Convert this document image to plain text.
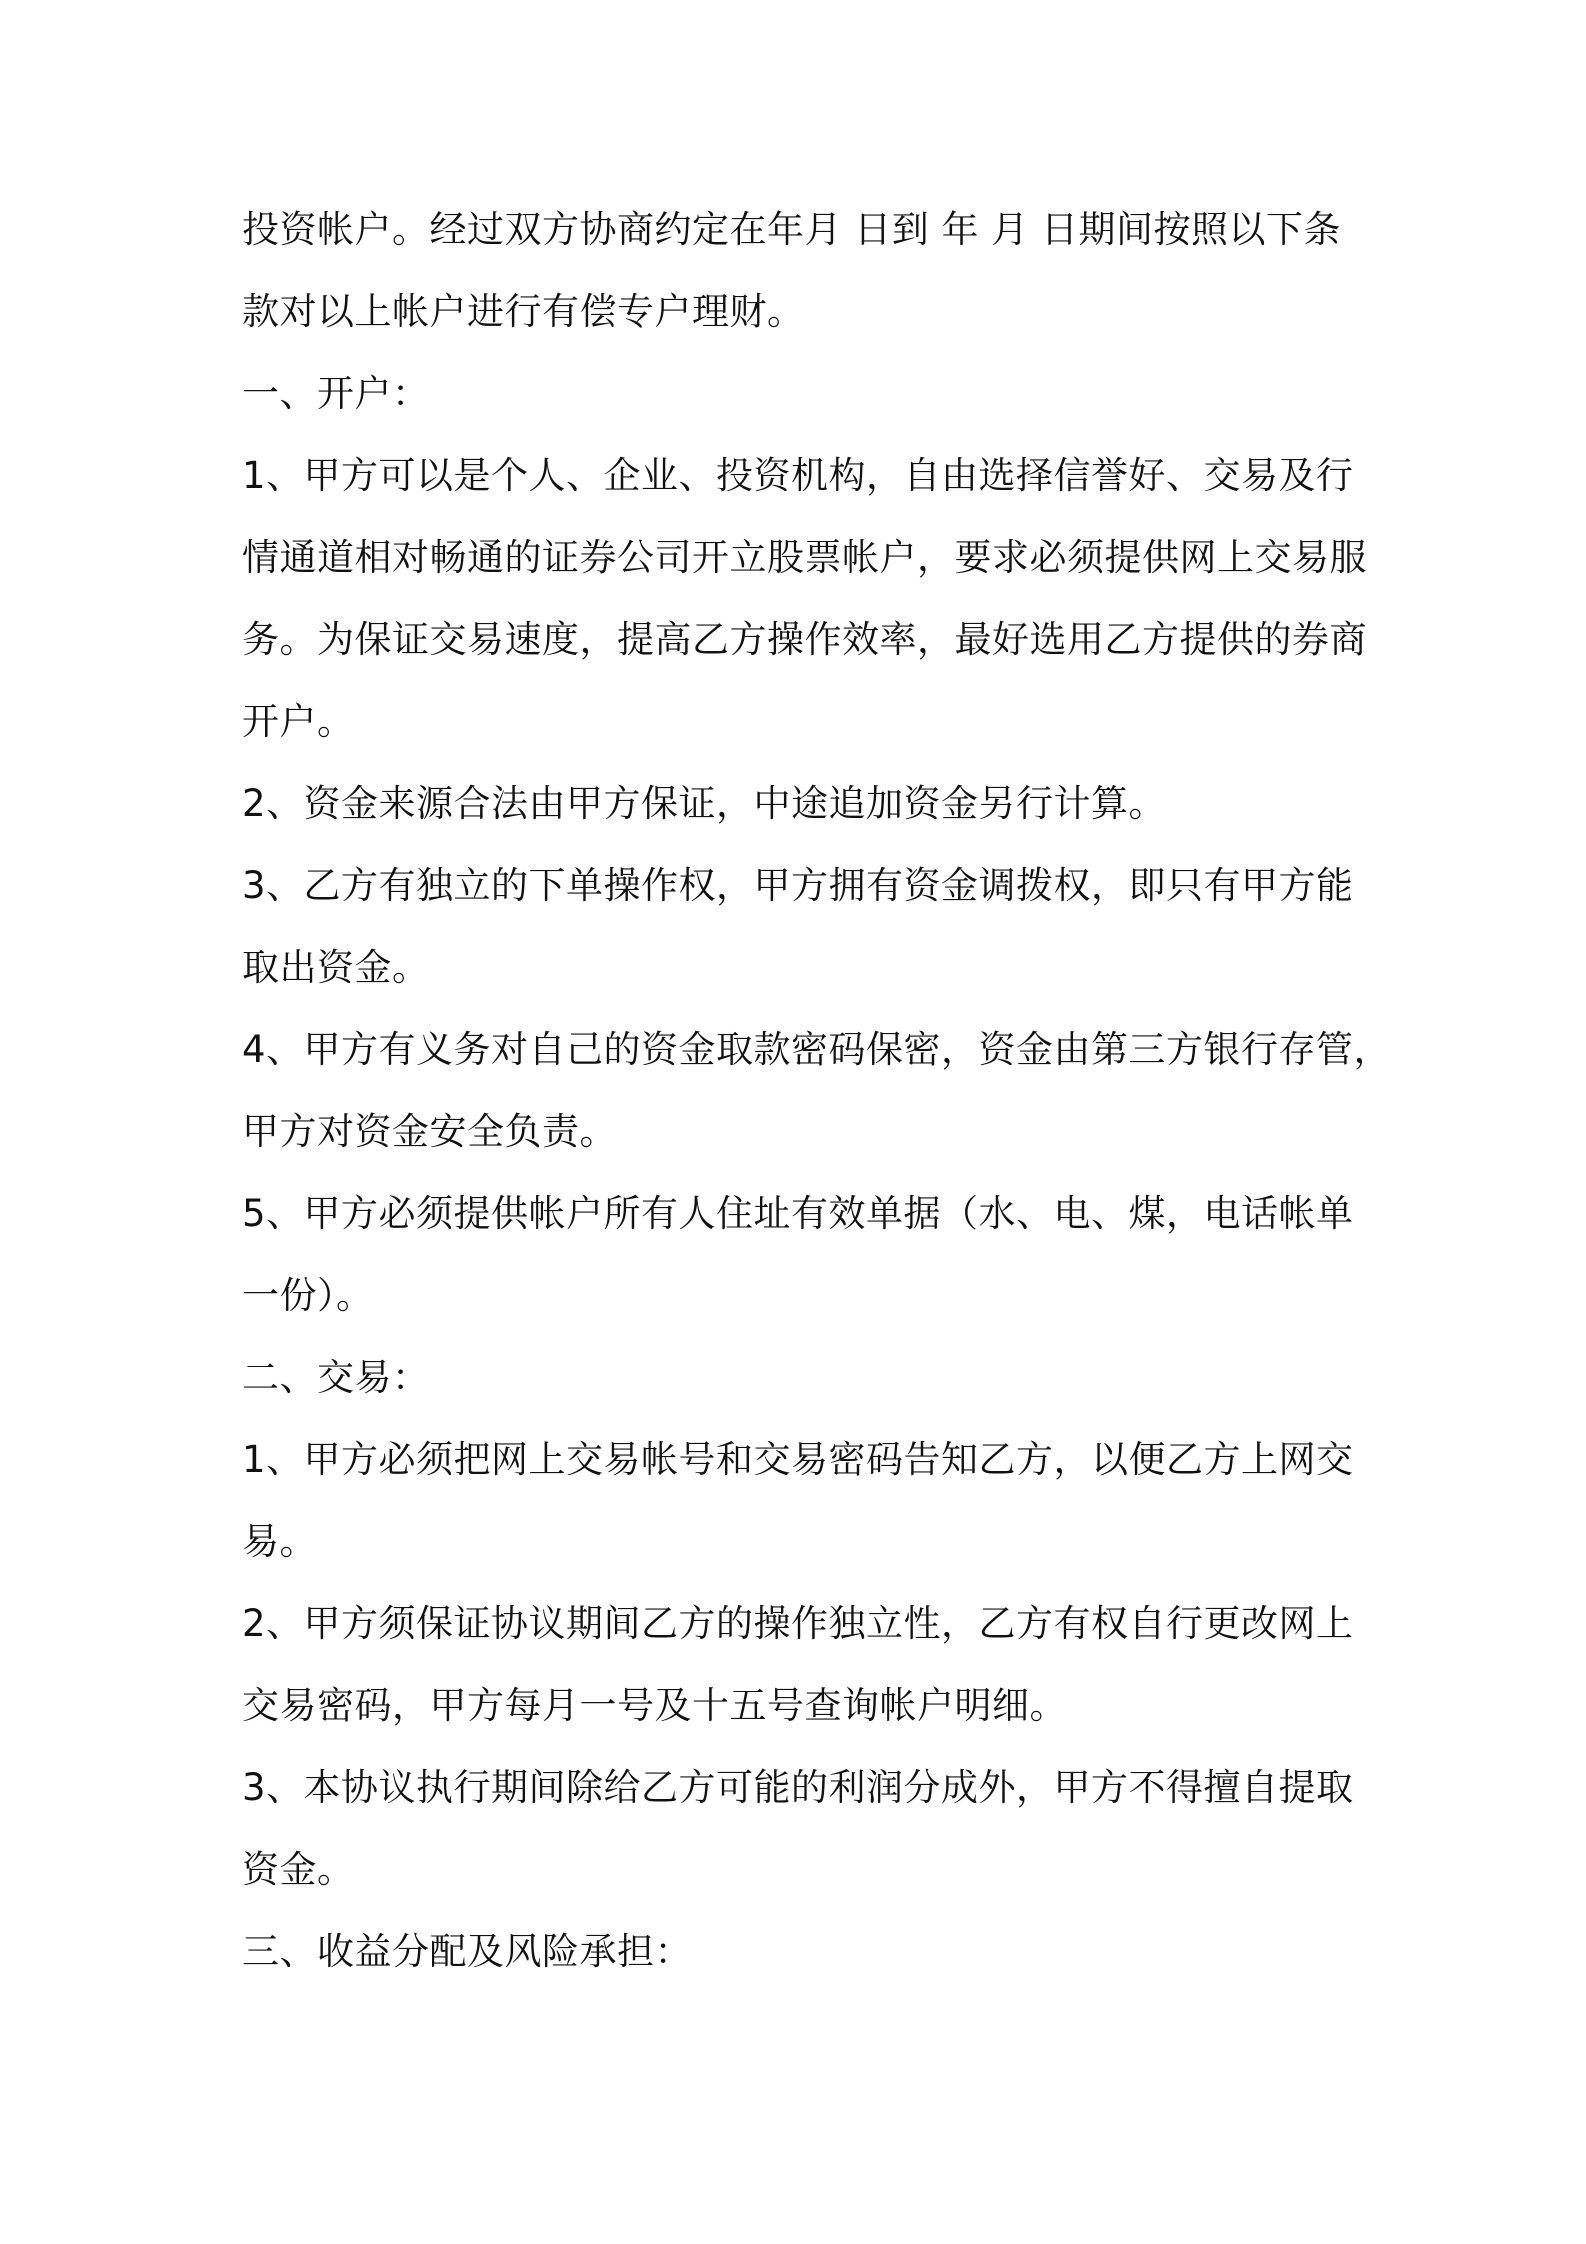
投资帐户。经过双方协商约定在年月 日到 年 月 日期间按照以下条
款对以上帐户进行有偿专户理财。
一、开户：
1、甲方可以是个人、企业、投资机构，自由选择信誉好、交易及行
情通道相对畅通的证券公司开立股票帐户，要求必须提供网上交易服
务。为保证交易速度，提高乙方操作效率，最好选用乙方提供的券商
开户。
2、资金来源合法由甲方保证，中途追加资金另行计算。
3、乙方有独立的下单操作权，甲方拥有资金调拨权，即只有甲方能
取出资金。
4、甲方有义务对自己的资金取款密码保密，资金由第三方银行存管，
甲方对资金安全负责。
5、甲方必须提供帐户所有人住址有效单据（水、电、煤，电话帐单
一份）。
二、交易：
1、甲方必须把网上交易帐号和交易密码告知乙方，以便乙方上网交
易。
2、甲方须保证协议期间乙方的操作独立性，乙方有权自行更改网上
交易密码，甲方每月一号及十五号查询帐户明细。
3、本协议执行期间除给乙方可能的利润分成外，甲方不得擅自提取
资金。
三、收益分配及风险承担：
